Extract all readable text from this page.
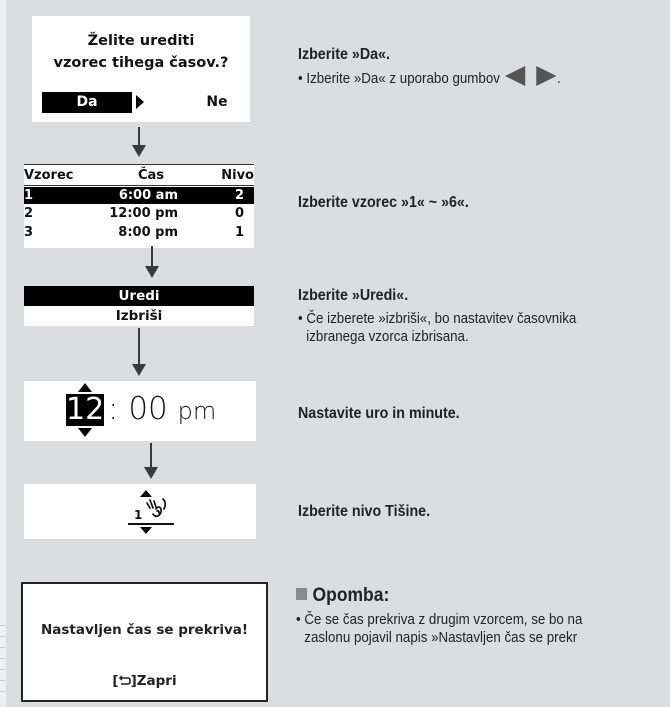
Želite urediti
vzorec tihega časov.?
Da	Ne
Izberite »Da«.
• Izberite »Da« z uporabo gumbov	.
Vzorec	Čas	Nivo
1	6:00 am	2
2	12:00 pm	0
3	8:00 pm	1
Izberite vzorec »1« ~ »6«.
Uredi
Izbriši
Izberite »Uredi«.
• Če izberete »izbriši«, bo nastavitev časovnika
izbranega vzorca izbrisana.
12 : 00 pm	Nastavite uro in minute.
1	Izberite nivo Tišine.
Nastavljen čas se prekriva!
[ ]Zapri
Opomba:
• Če se čas prekriva z drugim vzorcem, se bo na
zaslonu pojavil napis »Nastavljen čas se prekr
